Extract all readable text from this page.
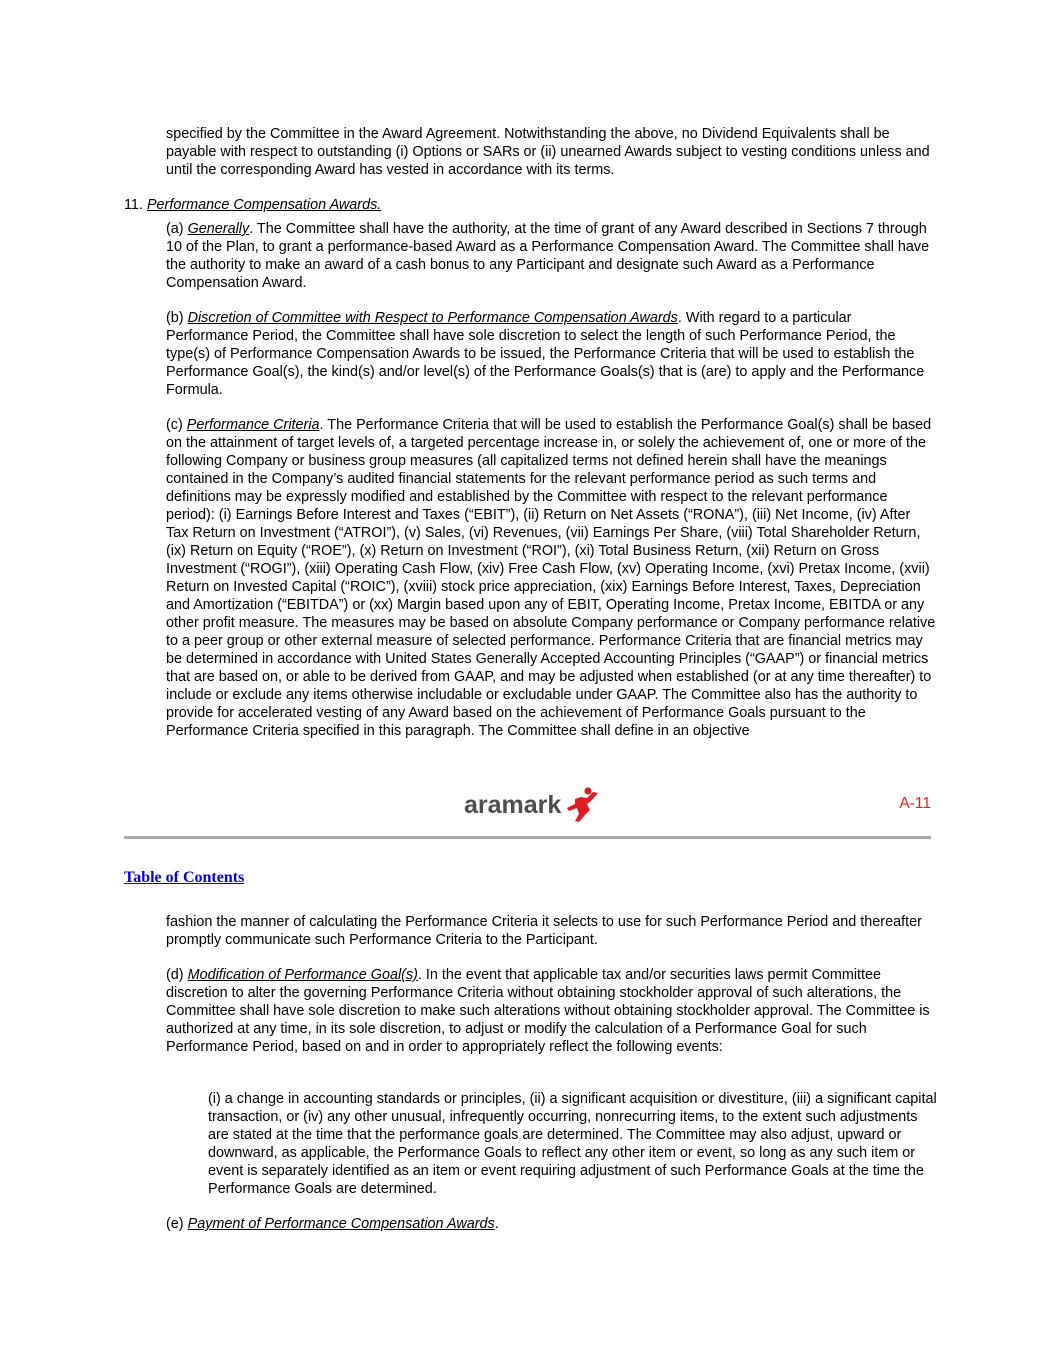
specified by the Committee in the Award Agreement. Notwithstanding the above, no Dividend Equivalents shall be payable with respect to outstanding (i) Options or SARs or (ii) unearned Awards subject to vesting conditions unless and until the corresponding Award has vested in accordance with its terms.

11. Performance Compensation Awards.

(a) Generally. The Committee shall have the authority, at the time of grant of any Award described in Sections 7 through 10 of the Plan, to grant a performance-based Award as a Performance Compensation Award. The Committee shall have the authority to make an award of a cash bonus to any Participant and designate such Award as a Performance Compensation Award.

(b) Discretion of Committee with Respect to Performance Compensation Awards. With regard to a particular Performance Period, the Committee shall have sole discretion to select the length of such Performance Period, the type(s) of Performance Compensation Awards to be issued, the Performance Criteria that will be used to establish the Performance Goal(s), the kind(s) and/or level(s) of the Performance Goals(s) that is (are) to apply and the Performance Formula.

(c) Performance Criteria. The Performance Criteria that will be used to establish the Performance Goal(s) shall be based on the attainment of target levels of, a targeted percentage increase in, or solely the achievement of, one or more of the following Company or business group measures (all capitalized terms not defined herein shall have the meanings contained in the Company’s audited financial statements for the relevant performance period as such terms and definitions may be expressly modified and established by the Committee with respect to the relevant performance period): (i) Earnings Before Interest and Taxes (“EBIT”), (ii) Return on Net Assets (“RONA”), (iii) Net Income, (iv) After Tax Return on Investment (“ATROI”), (v) Sales, (vi) Revenues, (vii) Earnings Per Share, (viii) Total Shareholder Return, (ix) Return on Equity (“ROE”), (x) Return on Investment (“ROI”), (xi) Total Business Return, (xii) Return on Gross Investment (“ROGI”), (xiii) Operating Cash Flow, (xiv) Free Cash Flow, (xv) Operating Income, (xvi) Pretax Income, (xvii) Return on Invested Capital (“ROIC”), (xviii) stock price appreciation, (xix) Earnings Before Interest, Taxes, Depreciation and Amortization (“EBITDA”) or (xx) Margin based upon any of EBIT, Operating Income, Pretax Income, EBITDA or any other profit measure. The measures may be based on absolute Company performance or Company performance relative to a peer group or other external measure of selected performance. Performance Criteria that are financial metrics may be determined in accordance with United States Generally Accepted Accounting Principles (“GAAP”) or financial metrics that are based on, or able to be derived from GAAP, and may be adjusted when established (or at any time thereafter) to include or exclude any items otherwise includable or excludable under GAAP. The Committee also has the authority to provide for accelerated vesting of any Award based on the achievement of Performance Goals pursuant to the Performance Criteria specified in this paragraph. The Committee shall define in an objective

aramark	A-11
Table of Contents

fashion the manner of calculating the Performance Criteria it selects to use for such Performance Period and thereafter promptly communicate such Performance Criteria to the Participant.

(d) Modification of Performance Goal(s). In the event that applicable tax and/or securities laws permit Committee discretion to alter the governing Performance Criteria without obtaining stockholder approval of such alterations, the Committee shall have sole discretion to make such alterations without obtaining stockholder approval. The Committee is authorized at any time, in its sole discretion, to adjust or modify the calculation of a Performance Goal for such Performance Period, based on and in order to appropriately reflect the following events:

(i) a change in accounting standards or principles, (ii) a significant acquisition or divestiture, (iii) a significant capital transaction, or (iv) any other unusual, infrequently occurring, nonrecurring items, to the extent such adjustments are stated at the time that the performance goals are determined. The Committee may also adjust, upward or downward, as applicable, the Performance Goals to reflect any other item or event, so long as any such item or event is separately identified as an item or event requiring adjustment of such Performance Goals at the time the Performance Goals are determined.

(e) Payment of Performance Compensation Awards.
